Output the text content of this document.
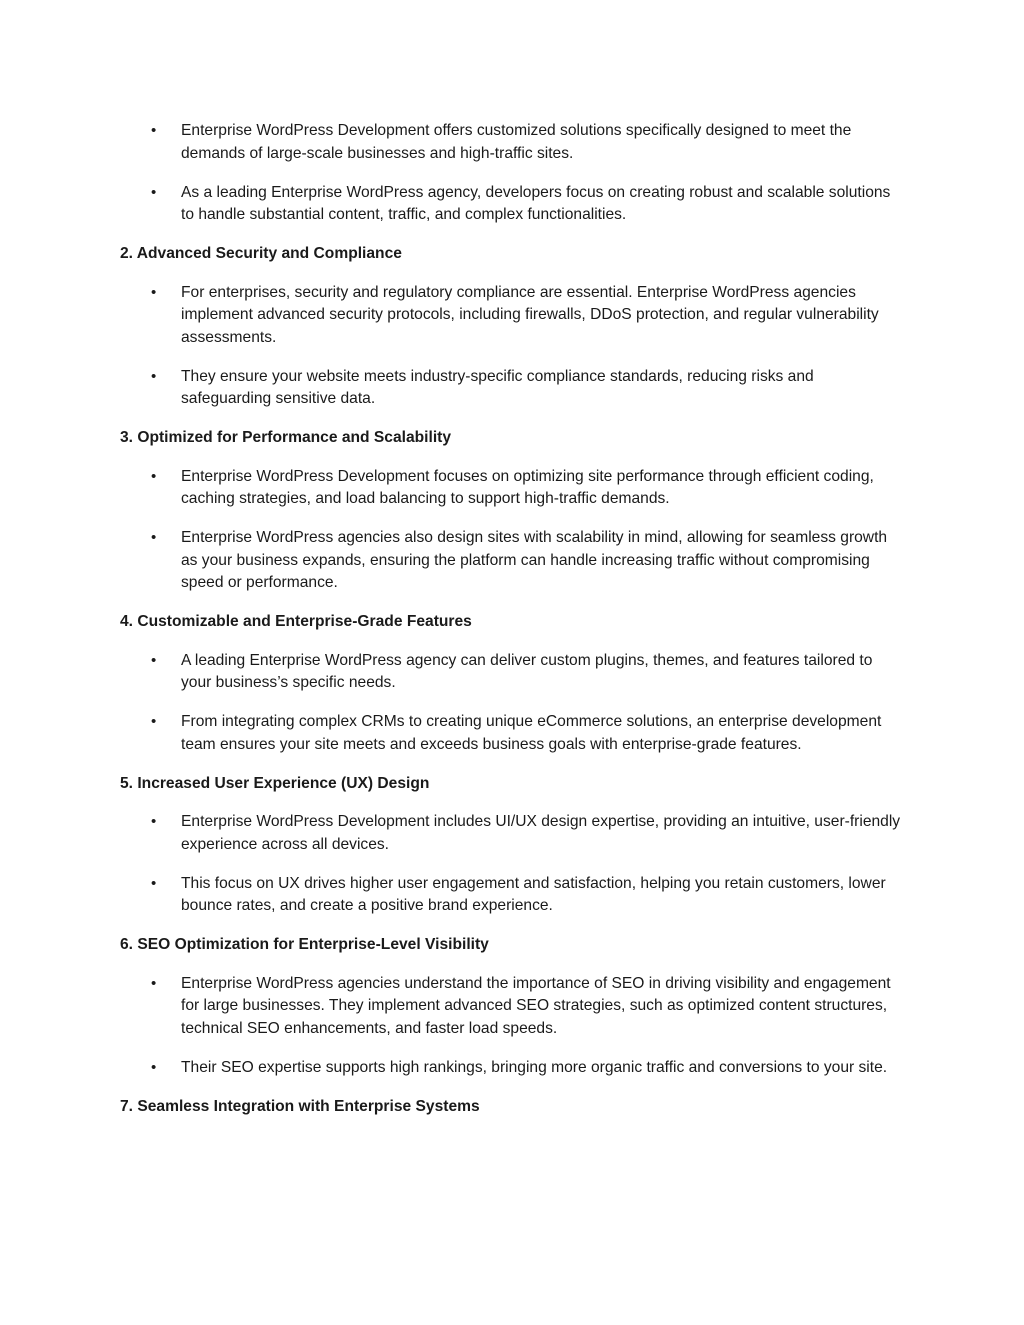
• Enterprise WordPress Development offers customized solutions specifically designed to meet the demands of large-scale businesses and high-traffic sites.
• As a leading Enterprise WordPress agency, developers focus on creating robust and scalable solutions to handle substantial content, traffic, and complex functionalities.
2. Advanced Security and Compliance
• For enterprises, security and regulatory compliance are essential. Enterprise WordPress agencies implement advanced security protocols, including firewalls, DDoS protection, and regular vulnerability assessments.
• They ensure your website meets industry-specific compliance standards, reducing risks and safeguarding sensitive data.
3. Optimized for Performance and Scalability
• Enterprise WordPress Development focuses on optimizing site performance through efficient coding, caching strategies, and load balancing to support high-traffic demands.
• Enterprise WordPress agencies also design sites with scalability in mind, allowing for seamless growth as your business expands, ensuring the platform can handle increasing traffic without compromising speed or performance.
4. Customizable and Enterprise-Grade Features
• A leading Enterprise WordPress agency can deliver custom plugins, themes, and features tailored to your business’s specific needs.
• From integrating complex CRMs to creating unique eCommerce solutions, an enterprise development team ensures your site meets and exceeds business goals with enterprise-grade features.
5. Increased User Experience (UX) Design
• Enterprise WordPress Development includes UI/UX design expertise, providing an intuitive, user-friendly experience across all devices.
• This focus on UX drives higher user engagement and satisfaction, helping you retain customers, lower bounce rates, and create a positive brand experience.
6. SEO Optimization for Enterprise-Level Visibility
• Enterprise WordPress agencies understand the importance of SEO in driving visibility and engagement for large businesses. They implement advanced SEO strategies, such as optimized content structures, technical SEO enhancements, and faster load speeds.
• Their SEO expertise supports high rankings, bringing more organic traffic and conversions to your site.
7. Seamless Integration with Enterprise Systems
